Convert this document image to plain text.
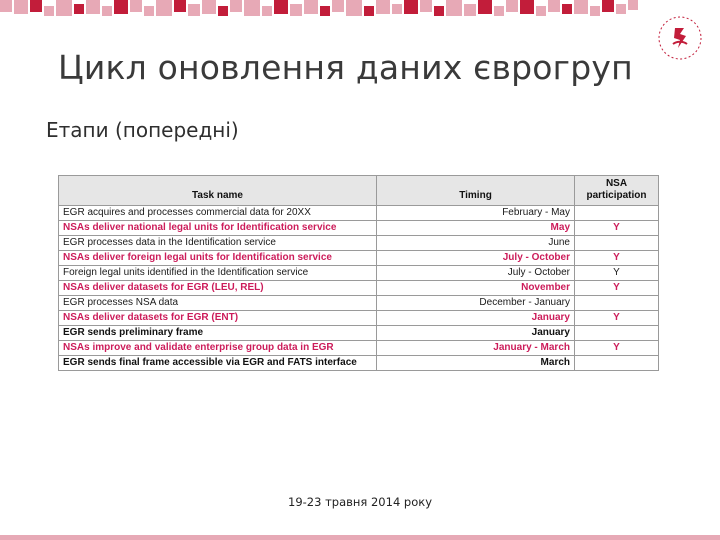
Цикл оновлення даних єврогруп
Етапи (попередні)
Task name	Timing	NSA participation
EGR acquires and processes commercial data for 20XX	February - May	
NSAs deliver national legal units for Identification service	May	Y
EGR processes data in the Identification service	June	
NSAs deliver foreign legal units for Identification service	July - October	Y
Foreign legal units identified in the Identification service	July - October	Y
NSAs deliver datasets for EGR (LEU, REL)	November	Y
EGR processes NSA data	December - January	
NSAs deliver datasets for EGR (ENT)	January	Y
EGR sends preliminary frame	January	
NSAs improve and validate enterprise group data in EGR	January - March	Y
EGR sends final frame accessible via EGR and FATS interface	March	

19-23 травня 2014 року
